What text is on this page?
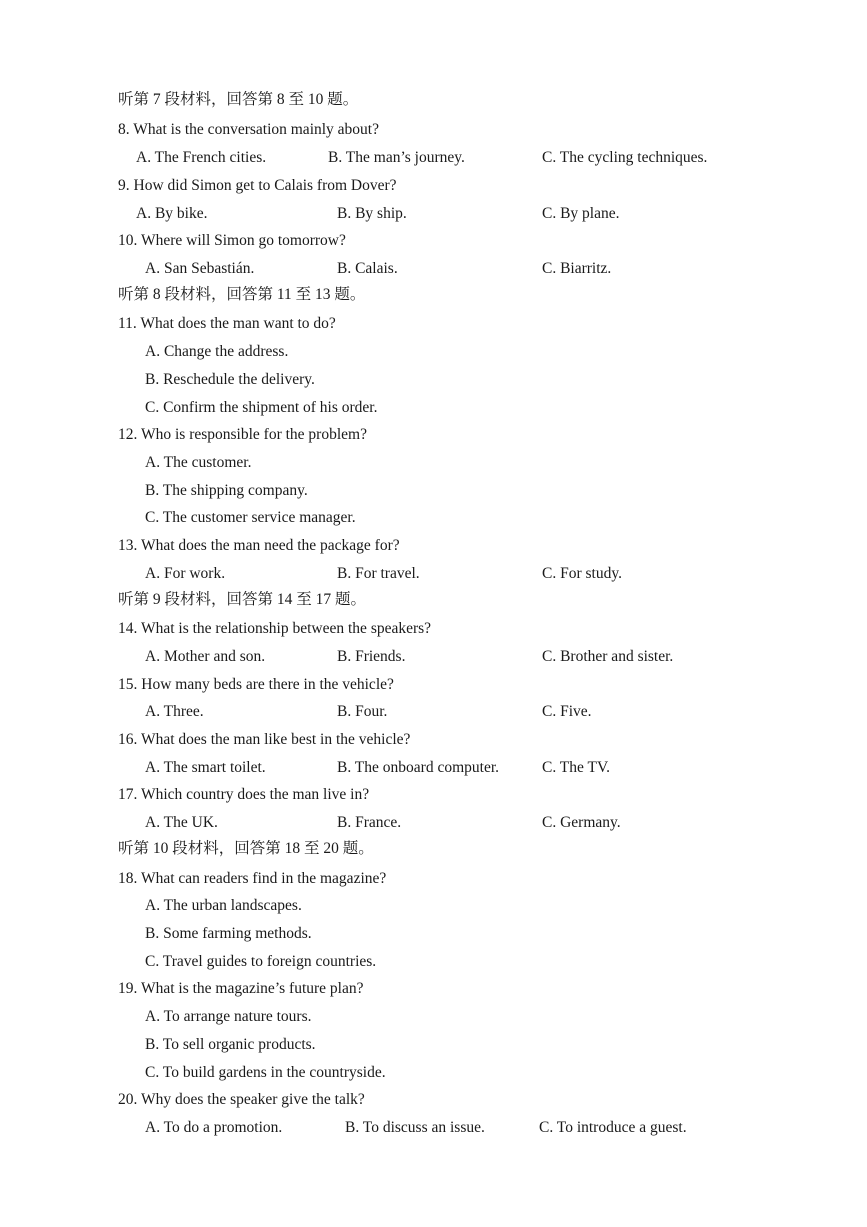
听第 7 段材料，回答第 8 至 10 题。
8. What is the conversation mainly about?
A. The French cities.	B. The man’s journey.	C. The cycling techniques.
9. How did Simon get to Calais from Dover?
A. By bike.	B. By ship.	C. By plane.
10. Where will Simon go tomorrow?
A. San Sebastián.	B. Calais.	C. Biarritz.
听第 8 段材料，回答第 11 至 13 题。
11. What does the man want to do?
A. Change the address.
B. Reschedule the delivery.
C. Confirm the shipment of his order.
12. Who is responsible for the problem?
A. The customer.
B. The shipping company.
C. The customer service manager.
13. What does the man need the package for?
A. For work.	B. For travel.	C. For study.
听第 9 段材料，回答第 14 至 17 题。
14. What is the relationship between the speakers?
A. Mother and son.	B. Friends.	C. Brother and sister.
15. How many beds are there in the vehicle?
A. Three.	B. Four.	C. Five.
16. What does the man like best in the vehicle?
A. The smart toilet.	B. The onboard computer.	C. The TV.
17. Which country does the man live in?
A. The UK.	B. France.	C. Germany.
听第 10 段材料，回答第 18 至 20 题。
18. What can readers find in the magazine?
A. The urban landscapes.
B. Some farming methods.
C. Travel guides to foreign countries.
19. What is the magazine’s future plan?
A. To arrange nature tours.
B. To sell organic products.
C. To build gardens in the countryside.
20. Why does the speaker give the talk?
A. To do a promotion.	B. To discuss an issue.	C. To introduce a guest.
